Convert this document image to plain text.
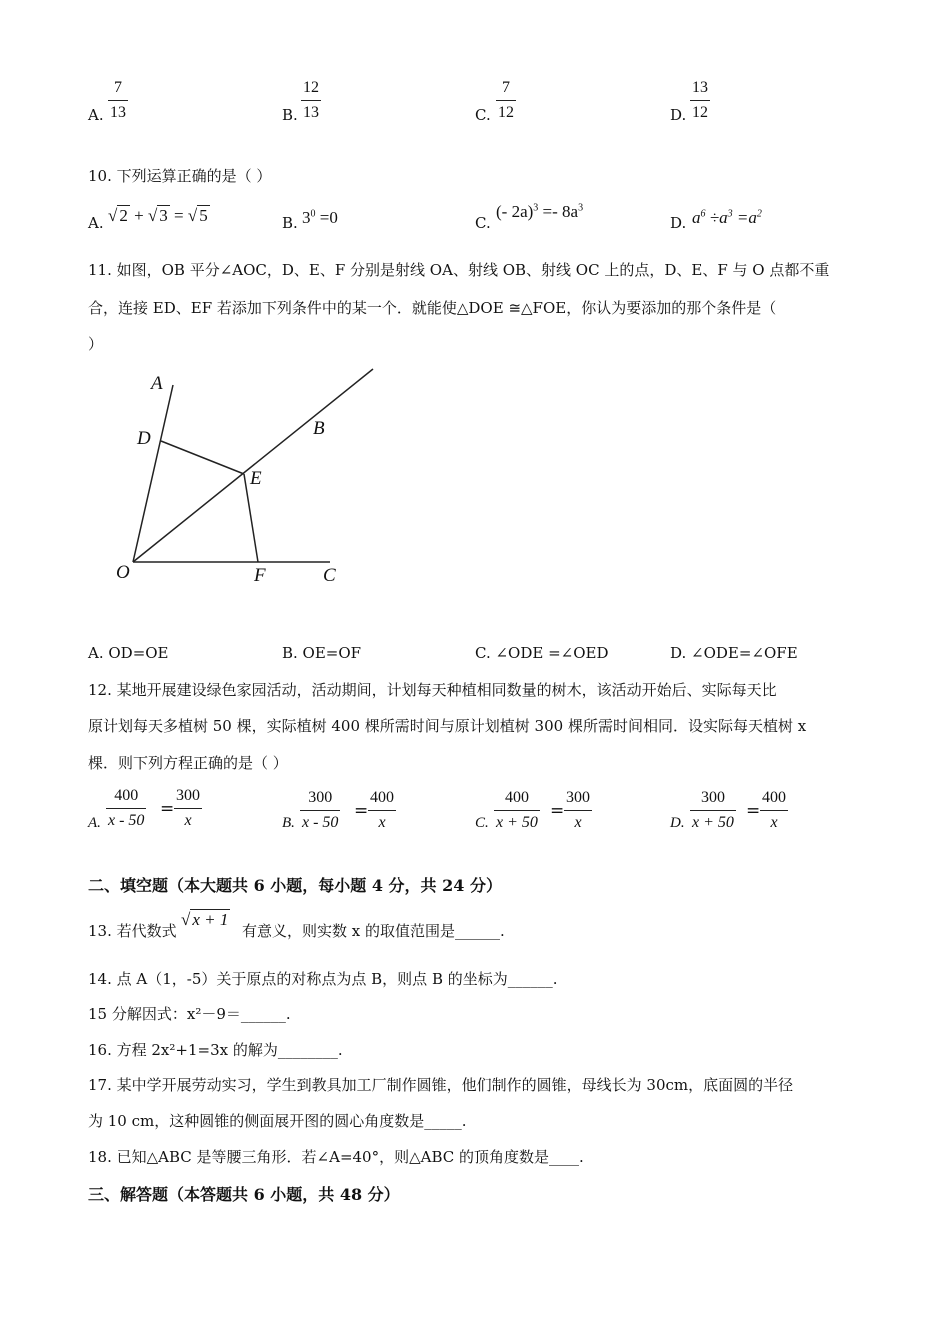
A.
7
13	B.
12
13	C.
7
12	D.
13
12
10. 下列运算正确的是（ ）
A. √ 2 + √ 3 = √ 5	B. $3^0 =0$	C.
(- $2a)^3 =- 8a^3$
D. $a^6 \div a^3 =a^2$
11. 如图，OB 平分∠AOC，D、E、F 分别是射线 OA、射线 OB、射线 OC 上的点，D、E、F 与 O 点都不重
合，连接 ED、EF 若添加下列条件中的某一个．就能使△DOE ≅△FOE，你认为要添加的那个条件是（
）
A
D	B
E
O	F	C
A. OD=OE	B. OE=OF	C. ∠ODE =∠OED	D. ∠ODE=∠OFE
12. 某地开展建设绿色家园活动，活动期间，计划每天种植相同数量的树木，该活动开始后、实际每天比
原计划每天多植树 50 棵，实际植树 400 棵所需时间与原计划植树 300 棵所需时间相同．设实际每天植树 x
棵．则下列方程正确的是（ ）
A.
400
x - 50
=
300
x	B.
300
x - 50
=
400
x	C.
400
x + 50
=
300
x	D.
300
x + 50
=
400
x
二、填空题（本大题共 6 小题，每小题 4 分，共 24 分）
13. 若代数式
√ x + 1
有意义，则实数 x 的取值范围是______.
14. 点 A（1，-5）关于原点的对称点为点 B，则点 B 的坐标为______.
15 分解因式：x²－9＝______.
16. 方程 2x²+1=3x 的解为________.
17. 某中学开展劳动实习，学生到教具加工厂制作圆锥，他们制作的圆锥，母线长为 30cm，底面圆的半径
为 10 cm，这种圆锥的侧面展开图的圆心角度数是_____.
18. 已知△ABC 是等腰三角形．若∠A=40°，则△ABC 的顶角度数是____.
三、解答题（本答题共 6 小题，共 48 分）
